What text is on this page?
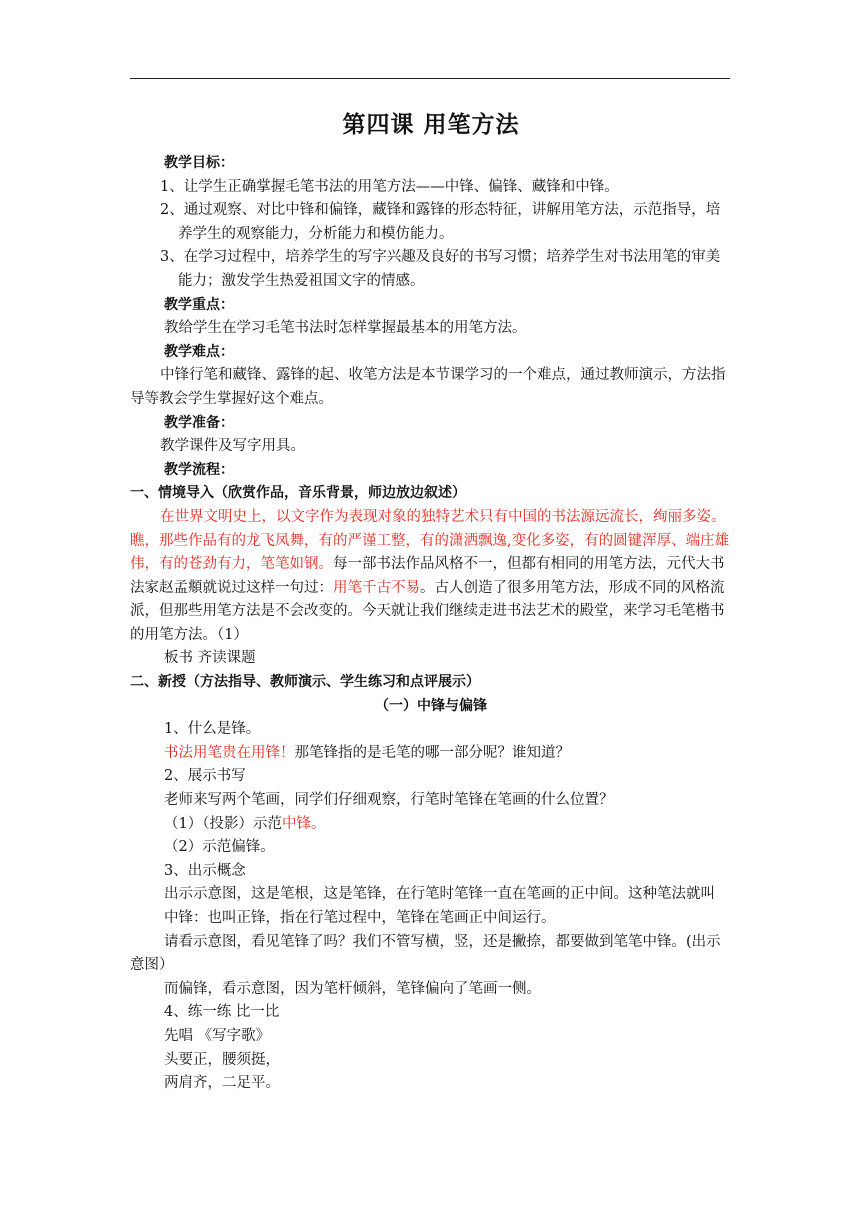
第四课 用笔方法

教学目标：

1、让学生正确掌握毛笔书法的用笔方法——中锋、偏锋、藏锋和中锋。

2、通过观察、对比中锋和偏锋，藏锋和露锋的形态特征，讲解用笔方法，示范指导，培养学生的观察能力，分析能力和模仿能力。

3、在学习过程中，培养学生的写字兴趣及良好的书写习惯；培养学生对书法用笔的审美能力；激发学生热爱祖国文字的情感。

教学重点：

教给学生在学习毛笔书法时怎样掌握最基本的用笔方法。

教学难点：

中锋行笔和藏锋、露锋的起、收笔方法是本节课学习的一个难点，通过教师演示，方法指导等教会学生掌握好这个难点。

教学准备：

教学课件及写字用具。

教学流程：

一、情境导入（欣赏作品，音乐背景，师边放边叙述）

在世界文明史上，以文字作为表现对象的独特艺术只有中国的书法源远流长，绚丽多姿。瞧，那些作品有的龙飞凤舞，有的严谨工整，有的潇洒飘逸,变化多姿，有的圆键浑厚、端庄雄伟，有的苍劲有力，笔笔如钢。每一部书法作品风格不一，但都有相同的用笔方法，元代大书法家赵孟頫就说过这样一句过：用笔千古不易。古人创造了很多用笔方法，形成不同的风格流派，但那些用笔方法是不会改变的。今天就让我们继续走进书法艺术的殿堂，来学习毛笔楷书的用笔方法。（1）

板书 齐读课题

二、新授（方法指导、教师演示、学生练习和点评展示）

（一）中锋与偏锋

1、什么是锋。

书法用笔贵在用锋！那笔锋指的是毛笔的哪一部分呢？谁知道？

2、展示书写

老师来写两个笔画，同学们仔细观察，行笔时笔锋在笔画的什么位置？

（1）（投影）示范中锋。

（2）示范偏锋。

3、出示概念

出示示意图，这是笔根，这是笔锋，在行笔时笔锋一直在笔画的正中间。这种笔法就叫

中锋：也叫正锋，指在行笔过程中，笔锋在笔画正中间运行。

请看示意图，看见笔锋了吗？我们不管写横，竖，还是撇捺，都要做到笔笔中锋。(出示意图）

而偏锋，看示意图，因为笔杆倾斜，笔锋偏向了笔画一侧。

4、练一练 比一比

先唱 《写字歌》

头要正，腰须挺，

两肩齐，二足平。
